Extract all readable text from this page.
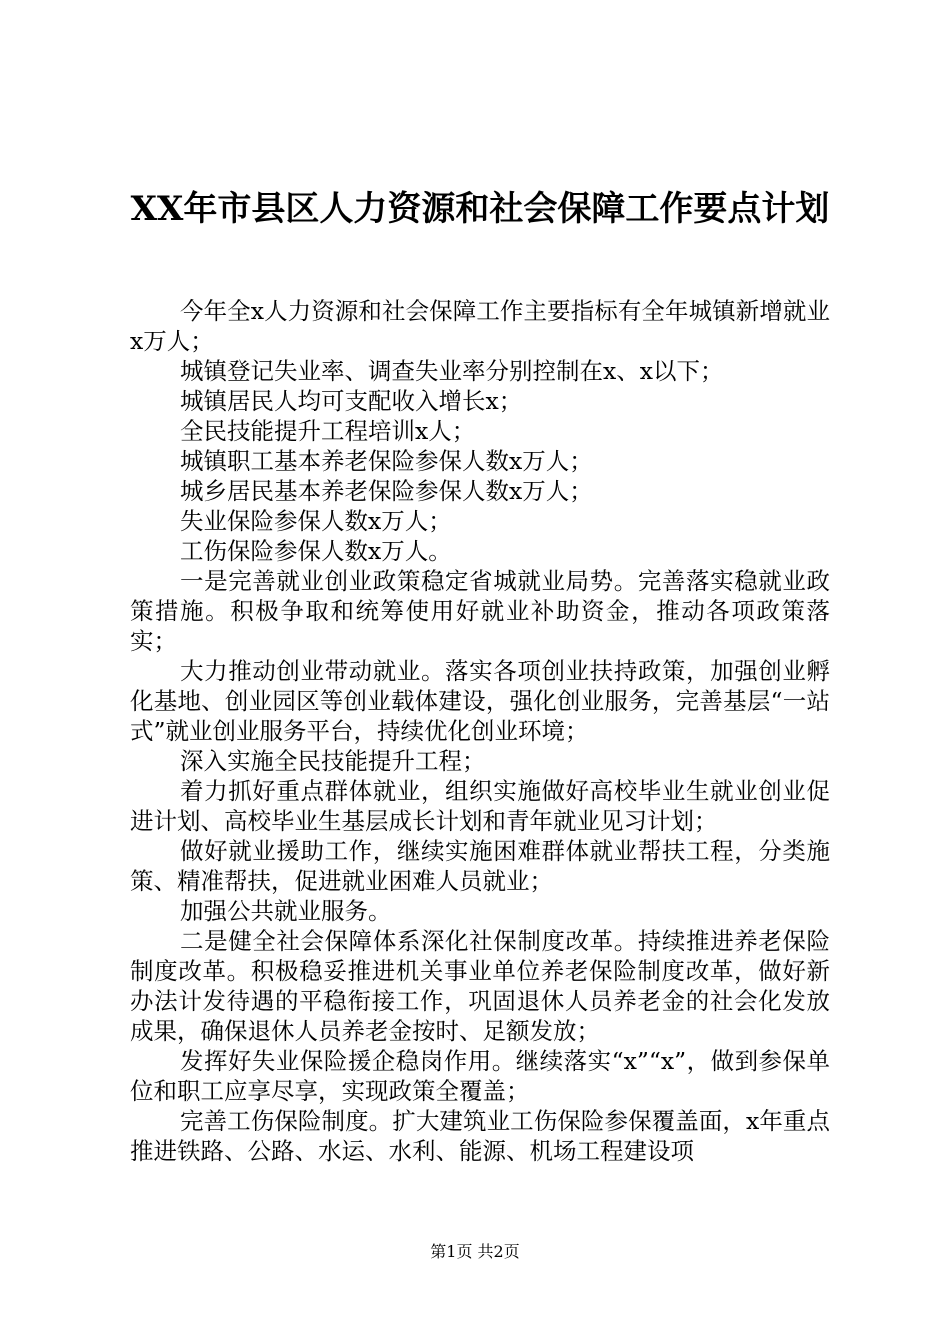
XX年市县区人力资源和社会保障工作要点计划

今年全x人力资源和社会保障工作主要指标有全年城镇新增就业x万人；

城镇登记失业率、调查失业率分别控制在x、x以下；

城镇居民人均可支配收入增长x；

全民技能提升工程培训x人；

城镇职工基本养老保险参保人数x万人；

城乡居民基本养老保险参保人数x万人；

失业保险参保人数x万人；

工伤保险参保人数x万人。

一是完善就业创业政策稳定省城就业局势。完善落实稳就业政策措施。积极争取和统筹使用好就业补助资金，推动各项政策落实；

大力推动创业带动就业。落实各项创业扶持政策，加强创业孵化基地、创业园区等创业载体建设，强化创业服务，完善基层“一站式”就业创业服务平台，持续优化创业环境；

深入实施全民技能提升工程；

着力抓好重点群体就业，组织实施做好高校毕业生就业创业促进计划、高校毕业生基层成长计划和青年就业见习计划；

做好就业援助工作，继续实施困难群体就业帮扶工程，分类施策、精准帮扶，促进就业困难人员就业；

加强公共就业服务。

二是健全社会保障体系深化社保制度改革。持续推进养老保险制度改革。积极稳妥推进机关事业单位养老保险制度改革，做好新办法计发待遇的平稳衔接工作，巩固退休人员养老金的社会化发放成果，确保退休人员养老金按时、足额发放；

发挥好失业保险援企稳岗作用。继续落实“x”“x”，做到参保单位和职工应享尽享，实现政策全覆盖；

完善工伤保险制度。扩大建筑业工伤保险参保覆盖面，x年重点推进铁路、公路、水运、水利、能源、机场工程建设项

第1页 共2页
